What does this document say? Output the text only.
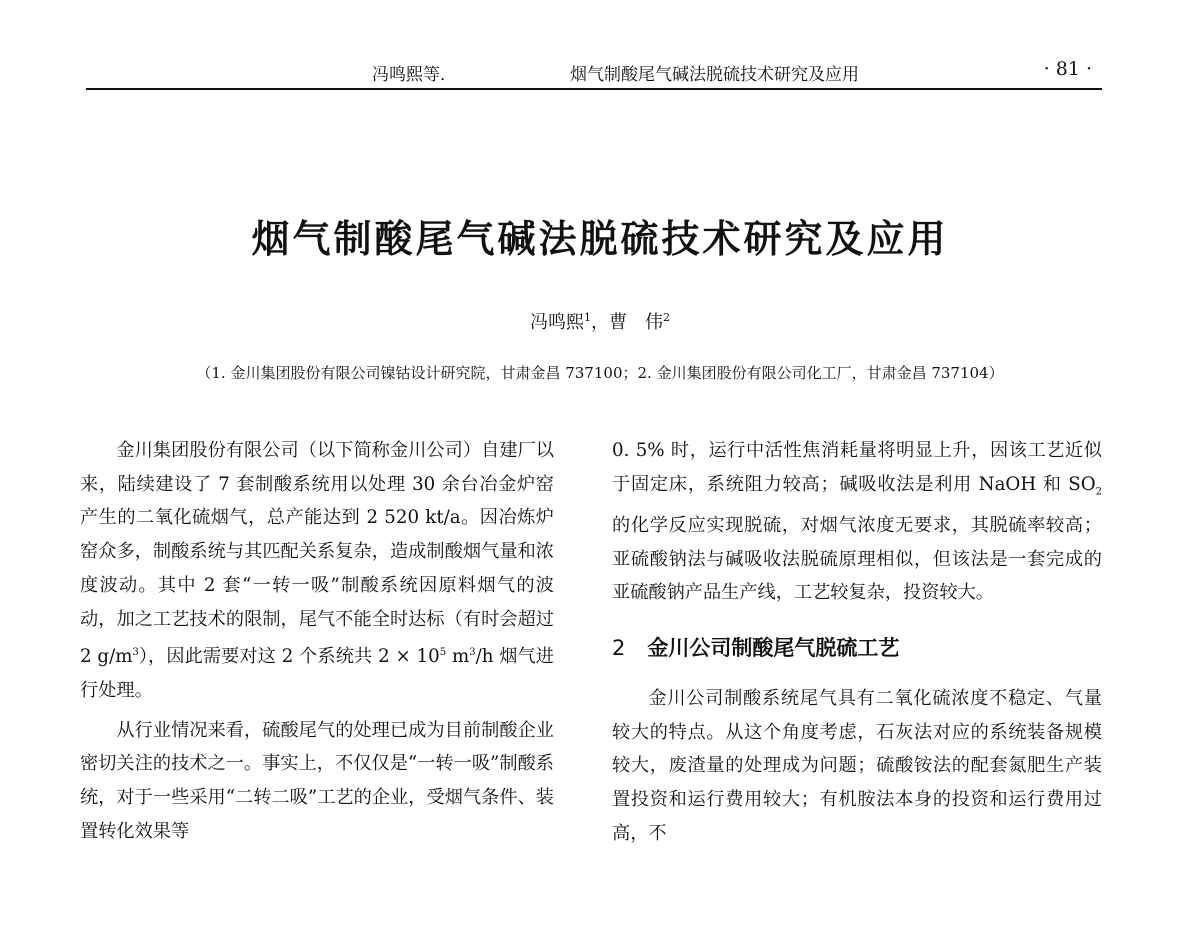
冯鸣熙等．	烟气制酸尾气碱法脱硫技术研究及应用	· 81 ·
烟气制酸尾气碱法脱硫技术研究及应用
冯鸣熙$^1$，曹　伟$^2$
（1. 金川集团股份有限公司镍钴设计研究院，甘肃金昌 737100；2. 金川集团股份有限公司化工厂，甘肃金昌 737104）

金川集团股份有限公司（以下简称金川公司）自建厂以来，陆续建设了 7 套制酸系统用以处理 30 余台冶金炉窑产生的二氧化硫烟气，总产能达到 2 520 kt/a。因冶炼炉窑众多，制酸系统与其匹配关系复杂，造成制酸烟气量和浓度波动。其中 2 套“一转一吸”制酸系统因原料烟气的波动，加之工艺技术的限制，尾气不能全时达标（有时会超过 2 $g/m^3$），因此需要对这 2 个系统共 $2 \times 10^5$ $m^3/h$ 烟气进行处理。

从行业情况来看，硫酸尾气的处理已成为目前制酸企业密切关注的技术之一。事实上，不仅仅是“一转一吸”制酸系统，对于一些采用“二转二吸”工艺的企业，受烟气条件、装置转化效果等

0. 5% 时，运行中活性焦消耗量将明显上升，因该工艺近似于固定床，系统阻力较高；碱吸收法是利用 NaOH 和 $SO_2$ 的化学反应实现脱硫，对烟气浓度无要求，其脱硫率较高；亚硫酸钠法与碱吸收法脱硫原理相似，但该法是一套完成的亚硫酸钠产品生产线，工艺较复杂，投资较大。

2 金川公司制酸尾气脱硫工艺

金川公司制酸系统尾气具有二氧化硫浓度不稳定、气量较大的特点。从这个角度考虑，石灰法对应的系统装备规模较大，废渣量的处理成为问题；硫酸铵法的配套氮肥生产装置投资和运行费用较大；有机胺法本身的投资和运行费用过高，不
